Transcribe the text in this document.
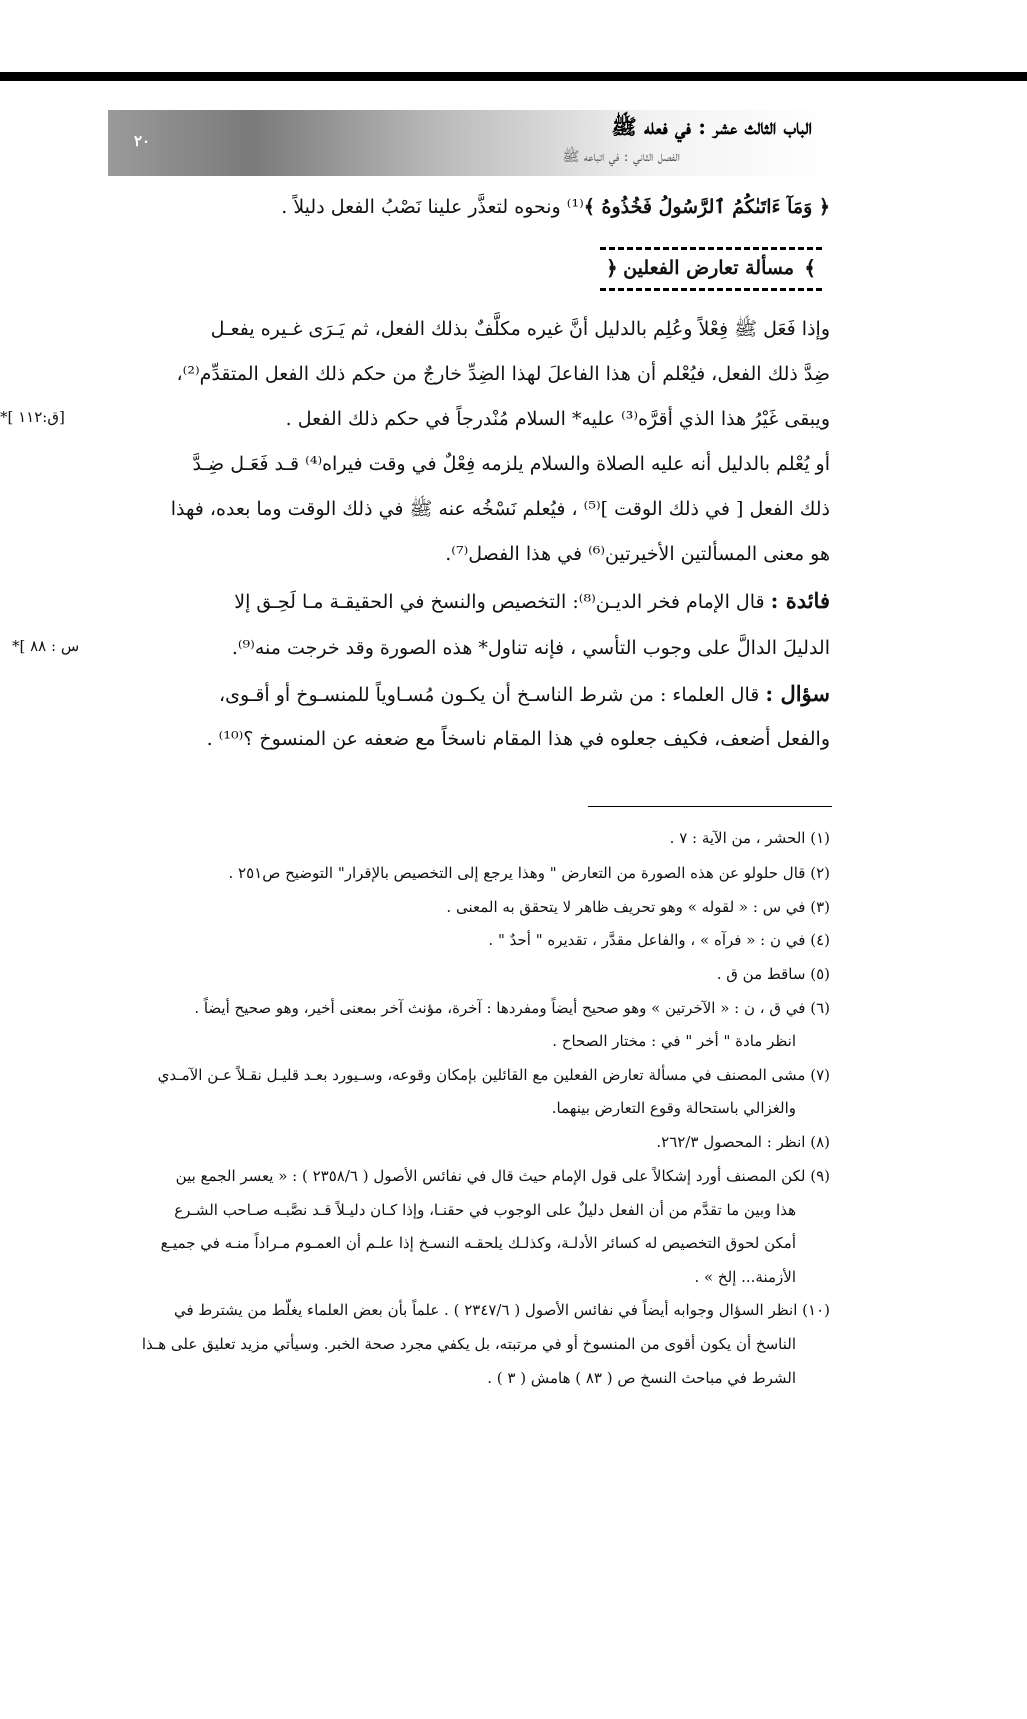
الباب الثالث عشر : في فعله ﷺ
الفصل الثاني : في اتباعه ﷺ
٢٠
﴿ وَمَآ ءَاتَىٰكُمُ ٱلرَّسُولُ فَخُذُوهُ ﴾⁽¹⁾ ونحوه لتعذَّر علينا نَصْبُ الفعل دليلاً .
﴾
مسألة تعارض الفعلين
﴿
وإذا فَعَل ﷺ فِعْلاً وعُلِم بالدليل أنَّ غيره مكلَّفٌ بذلك الفعل، ثم يَـرَى غـيره يفعـل
ضِدَّ ذلك الفعل، فيُعْلم أن هذا الفاعلَ لهذا الضِدِّ خارجٌ من حكم ذلك الفعل المتقدِّم⁽²⁾،
ويبقى غَيْرُ هذا الذي أقرَّه⁽³⁾ عليه* السلام مُنْدرجاً في حكم ذلك الفعل .
أو يُعْلم بالدليل أنه عليه الصلاة والسلام يلزمه فِعْلٌ في وقت فيراه⁽⁴⁾ قـد فَعَـل ضِـدَّ
ذلك الفعل [ في ذلك الوقت ]⁽⁵⁾ ، فيُعلم نَسْخُه عنه ﷺ في ذلك الوقت وما بعده، فهذا
هو معنى المسألتين الأخيرتين⁽⁶⁾ في هذا الفصل⁽⁷⁾.
فائدة : قال الإمام فخر الديـن⁽⁸⁾: التخصيص والنسخ في الحقيقـة مـا لَحِـق إلا
الدليلَ الدالَّ على وجوب التأسي ، فإنه تناول* هذه الصورة وقد خرجت منه⁽⁹⁾.
سؤال : قال العلماء : من شرط الناسـخ أن يكـون مُسـاوياً للمنسـوخ أو أقـوى،
والفعل أضعف، فكيف جعلوه في هذا المقام ناسخاً مع ضعفه عن المنسوخ ؟⁽¹⁰⁾ .
*[ ق:١١٢]
*[ س : ٨٨
(١) الحشر ، من الآية : ٧ .
(٢) قال حلولو عن هذه الصورة من التعارض " وهذا يرجع إلى التخصيص بالإقرار" التوضيح ص٢٥١ .
(٣) في س : « لقوله » وهو تحريف ظاهر لا يتحقق به المعنى .
(٤) في ن : « فرآه » ، والفاعل مقدَّر ، تقديره " أحدٌ " .
(٥) ساقط من ق .
(٦) في ق ، ن : « الآخرتين » وهو صحيح أيضاً ومفردها : آخرة، مؤنث آخر بمعنى أخير، وهو صحيح أيضاً .
انظر مادة " أخر " في : مختار الصحاح .
(٧) مشى المصنف في مسألة تعارض الفعلين مع القائلين بإمكان وقوعه، وسـيورد بعـد قليـل نقـلاً عـن الآمـدي
والغزالي باستحالة وقوع التعارض بينهما.
(٨) انظر : المحصول ٢٦٢/٣.
(٩) لكن المصنف أورد إشكالاً على قول الإمام حيث قال في نفائس الأصول ( ٢٣٥٨/٦ ) : « يعسر الجمع بين
هذا وبين ما تقدَّم من أن الفعل دليلٌ على الوجوب في حقنـا، وإذا كـان دليـلاً قـد نصَّبـه صـاحب الشـرع
أمكن لحوق التخصيص له كسائر الأدلـة، وكذلـك يلحقـه النسـخ إذا علـم أن العمـوم مـراداً منـه في جميـع
الأزمنة... إلخ » .
(١٠) انظر السؤال وجوابه أيضاً في نفائس الأصول ( ٢٣٤٧/٦ ) . علماً بأن بعض العلماء يغلّط من يشترط في
الناسخ أن يكون أقوى من المنسوخ أو في مرتبته، بل يكفي مجرد صحة الخبر. وسيأتي مزيد تعليق على هـذا
الشرط في مباحث النسخ ص ( ٨٣ ) هامش ( ٣ ) .
